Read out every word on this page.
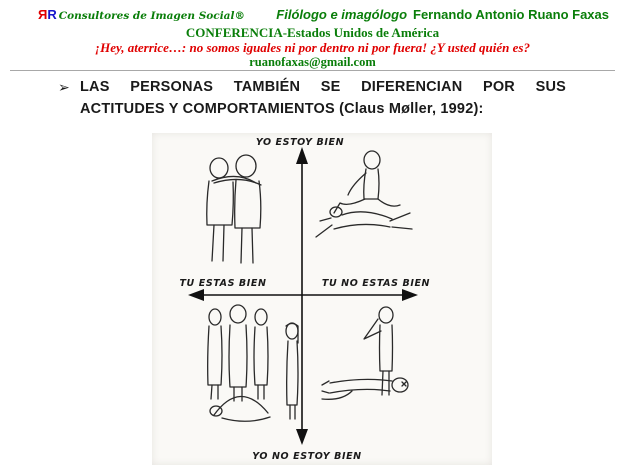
ЯR Consultores de Imagen Social® Filólogo e imagólogo Fernando Antonio Ruano Faxas
CONFERENCIA-Estados Unidos de América
¡Hey, aterrice…: no somos iguales ni por dentro ni por fuera! ¿Y usted quién es?
ruanofaxas@gmail.com
➢ LAS PERSONAS TAMBIÉN SE DIFERENCIAN POR SUS
ACTITUDES Y COMPORTAMIENTOS (Claus Møller, 1992):
YO ESTOY BIEN
TU ESTAS BIEN	TU NO ESTAS BIEN
YO NO ESTOY BIEN
